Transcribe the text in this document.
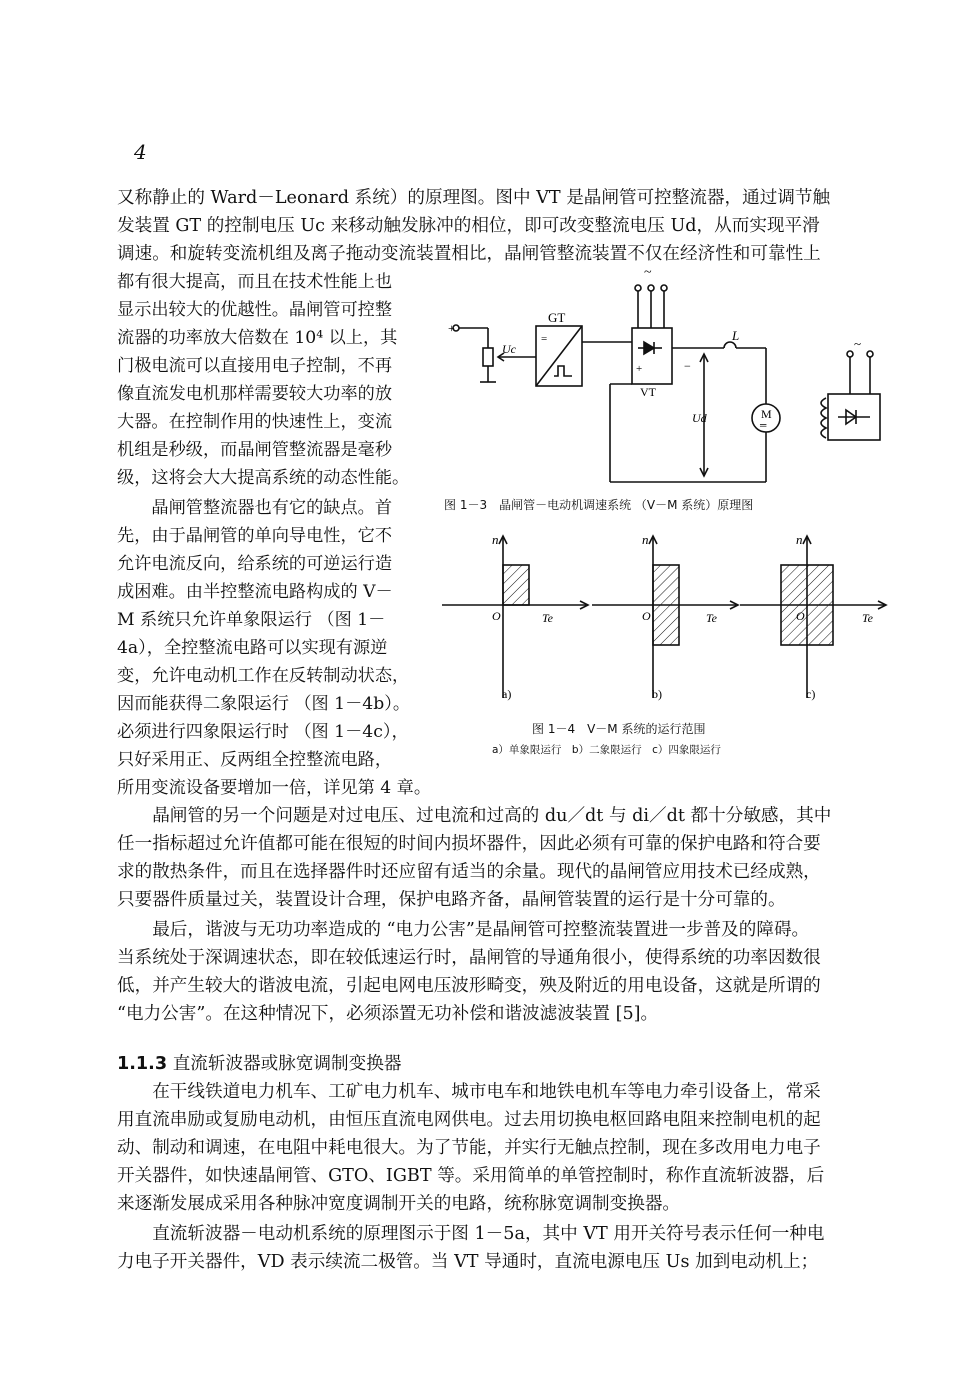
4
又称静止的 Ward－Leonard 系统）的原理图。图中 VT 是晶闸管可控整流器，通过调节触
发装置 GT 的控制电压 Uc 来移动触发脉冲的相位，即可改变整流电压 Ud，从而实现平滑
调速。和旋转变流机组及离子拖动变流装置相比，晶闸管整流装置不仅在经济性和可靠性上
都有很大提高，而且在技术性能上也
显示出较大的优越性。晶闸管可控整
流器的功率放大倍数在 10⁴ 以上，其
门极电流可以直接用电子控制，不再
像直流发电机那样需要较大功率的放
大器。在控制作用的快速性上，变流
机组是秒级，而晶闸管整流器是毫秒
级，这将会大大提高系统的动态性能。
　　晶闸管整流器也有它的缺点。首
先，由于晶闸管的单向导电性，它不
允许电流反向，给系统的可逆运行造
成困难。由半控整流电路构成的 V－
M 系统只允许单象限运行 （图 1－
4a），全控整流电路可以实现有源逆
变，允许电动机工作在反转制动状态，
因而能获得二象限运行 （图 1－4b）。
必须进行四象限运行时 （图 1－4c），
只好采用正、反两组全控整流电路，
所用变流设备要增加一倍，详见第 4 章。
+
Uc
GT
=
~
+	−
VT
L
Ud	M
═
~
图 1－3　晶闸管－电动机调速系统 （V－M 系统）原理图
n
O	Te
n
O	Te
n
O	Te
a)	b)	c)
图 1－4　V－M 系统的运行范围
a）单象限运行　b）二象限运行　c）四象限运行
　　晶闸管的另一个问题是对过电压、过电流和过高的 du／dt 与 di／dt 都十分敏感，其中
任一指标超过允许值都可能在很短的时间内损坏器件，因此必须有可靠的保护电路和符合要
求的散热条件，而且在选择器件时还应留有适当的余量。现代的晶闸管应用技术已经成熟，
只要器件质量过关，装置设计合理，保护电路齐备，晶闸管装置的运行是十分可靠的。
　　最后，谐波与无功功率造成的 “电力公害”是晶闸管可控整流装置进一步普及的障碍。
当系统处于深调速状态，即在较低速运行时，晶闸管的导通角很小，使得系统的功率因数很
低，并产生较大的谐波电流，引起电网电压波形畸变，殃及附近的用电设备，这就是所谓的
“电力公害”。在这种情况下，必须添置无功补偿和谐波滤波装置 [5]。
1.1.3 直流斩波器或脉宽调制变换器
　　在干线铁道电力机车、工矿电力机车、城市电车和地铁电机车等电力牵引设备上，常采
用直流串励或复励电动机，由恒压直流电网供电。过去用切换电枢回路电阻来控制电机的起
动、制动和调速，在电阻中耗电很大。为了节能，并实行无触点控制，现在多改用电力电子
开关器件，如快速晶闸管、GTO、IGBT 等。采用简单的单管控制时，称作直流斩波器，后
来逐渐发展成采用各种脉冲宽度调制开关的电路，统称脉宽调制变换器。
　　直流斩波器－电动机系统的原理图示于图 1－5a，其中 VT 用开关符号表示任何一种电
力电子开关器件，VD 表示续流二极管。当 VT 导通时，直流电源电压 Us 加到电动机上；
